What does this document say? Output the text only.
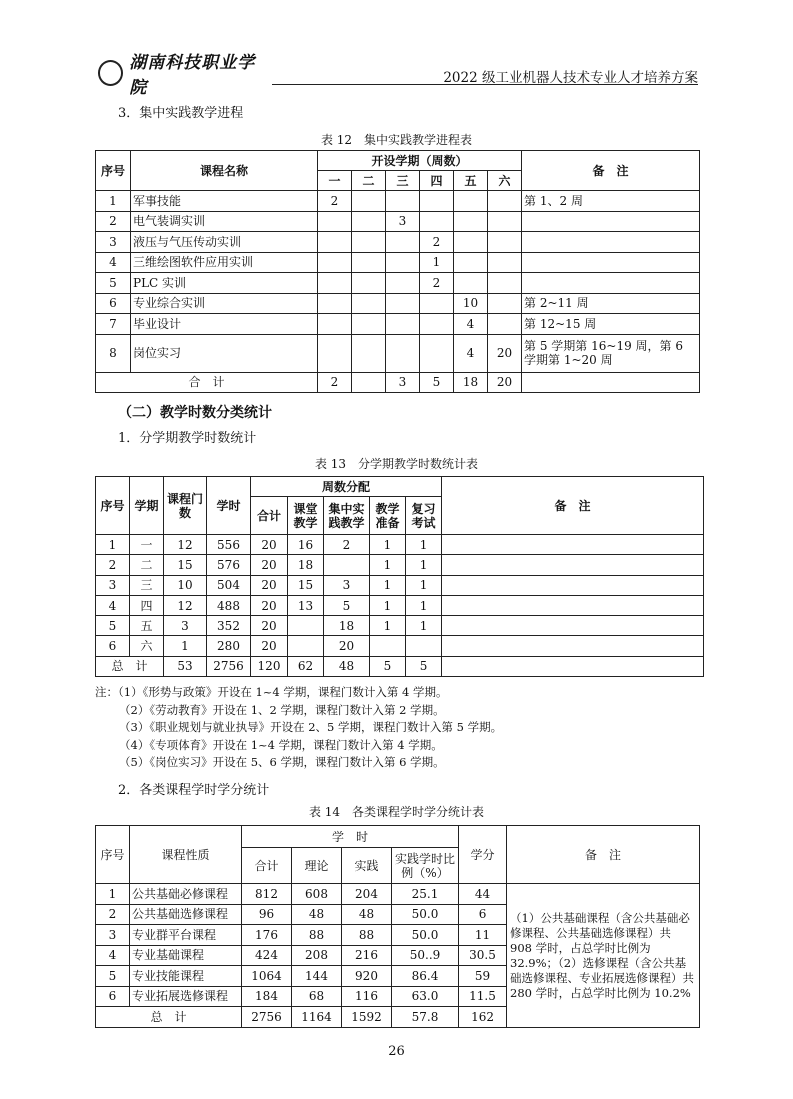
湖南科技职业学院	2022 级工业机器人技术专业人才培养方案
3．集中实践教学进程
表 12　集中实践教学进程表
序号	课程名称	开设学期（周数）						备　注
		一	二	三	四	五	六	
1	军事技能	2						第 1、2 周
2	电气装调实训			3				
3	液压与气压传动实训				2			
4	三维绘图软件应用实训				1			
5	PLC 实训				2			
6	专业综合实训					10		第 2~11 周
7	毕业设计					4		第 12~15 周
8	岗位实习					4	20	第 5 学期第 16~19 周，第 6 学期第 1~20 周
合　计		2		3	5	18	20	
（二）教学时数分类统计
1．分学期教学时数统计
表 13　分学期教学时数统计表
序号	学期	课程门数	学时	周数分配					备　注
				合计	课堂教学	集中实践教学	教学准备	复习考试	
1	一	12	556	20	16	2	1	1	
2	二	15	576	20	18		1	1	
3	三	10	504	20	15	3	1	1	
4	四	12	488	20	13	5	1	1	
5	五	3	352	20		18	1	1	
6	六	1	280	20		20			
总　计		53	2756	120	62	48	5	5	
注：（1）《形势与政策》开设在 1~4 学期，课程门数计入第 4 学期。
（2）《劳动教育》开设在 1、2 学期，课程门数计入第 2 学期。
（3）《职业规划与就业执导》开设在 2、5 学期，课程门数计入第 5 学期。
（4）《专项体育》开设在 1~4 学期，课程门数计入第 4 学期。
（5）《岗位实习》开设在 5、6 学期，课程门数计入第 6 学期。
2．各类课程学时学分统计
表 14　各类课程学时学分统计表
序号	课程性质	学　时				学分	备　注
		合计	理论	实践	实践学时比例（%）		
1	公共基础必修课程	812	608	204	25.1	44	（1）公共基础课程（含公共基础必修课程、公共基础选修课程）共 908 学时，占总学时比例为 32.9%；（2）选修课程（含公共基础选修课程、专业拓展选修课程）共 280 学时，占总学时比例为 10.2%
2	公共基础选修课程	96	48	48	50.0	6	
3	专业群平台课程	176	88	88	50.0	11	
4	专业基础课程	424	208	216	50..9	30.5	
5	专业技能课程	1064	144	920	86.4	59	
6	专业拓展选修课程	184	68	116	63.0	11.5	
总　计		2756	1164	1592	57.8	162	
26
